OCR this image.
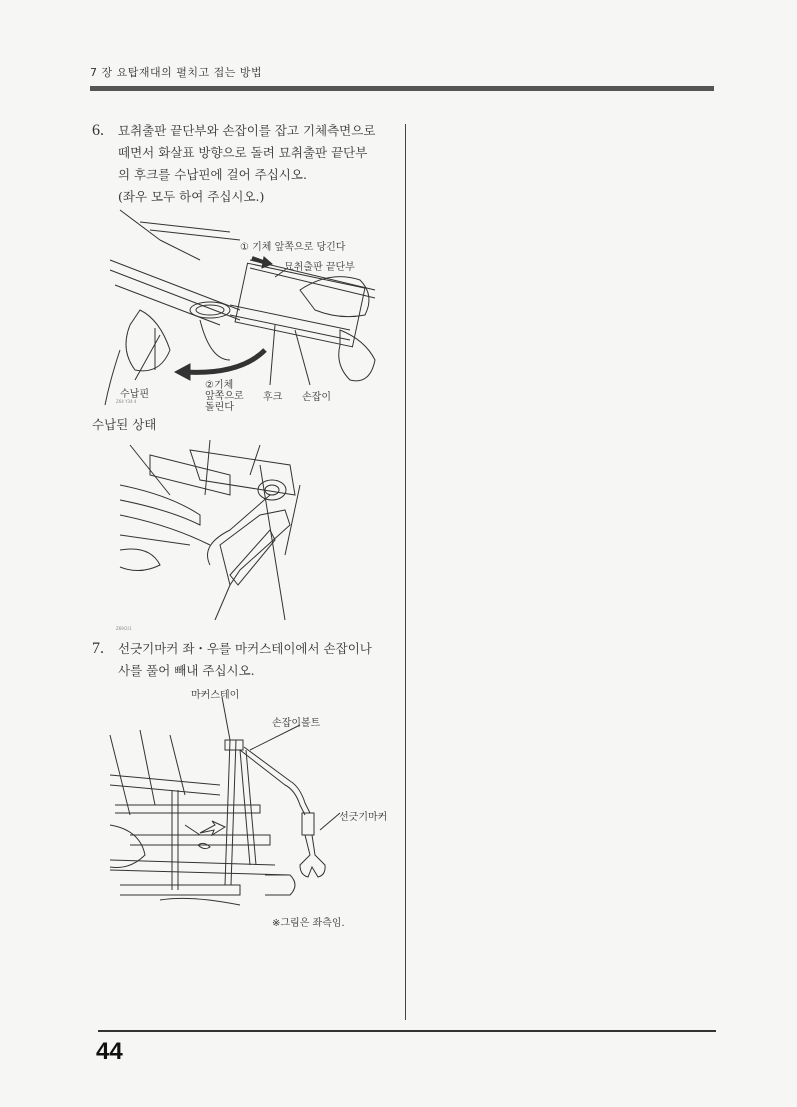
7 장 요탑재대의 펼치고 접는 방법
6. 묘취출판 끝단부와 손잡이를 잡고 기체측면으로
떼면서 화살표 방향으로 돌려 묘취출판 끝단부
의 후크를 수납핀에 걸어 주십시오.
(좌우 모두 하여 주십시오.)
① 기체 앞쪽으로 당긴다
묘취출판 끝단부
수납핀
②기체
앞쪽으로
돌린다
후크 손잡이
Z64 Y34 4
수납된 상태
Z69/2/1
7. 선긋기마커 좌・우를 마커스테이에서 손잡이나
사를 풀어 빼내 주십시오.
마커스테이
손잡이볼트
선긋기마커
※그림은 좌측임.
44
